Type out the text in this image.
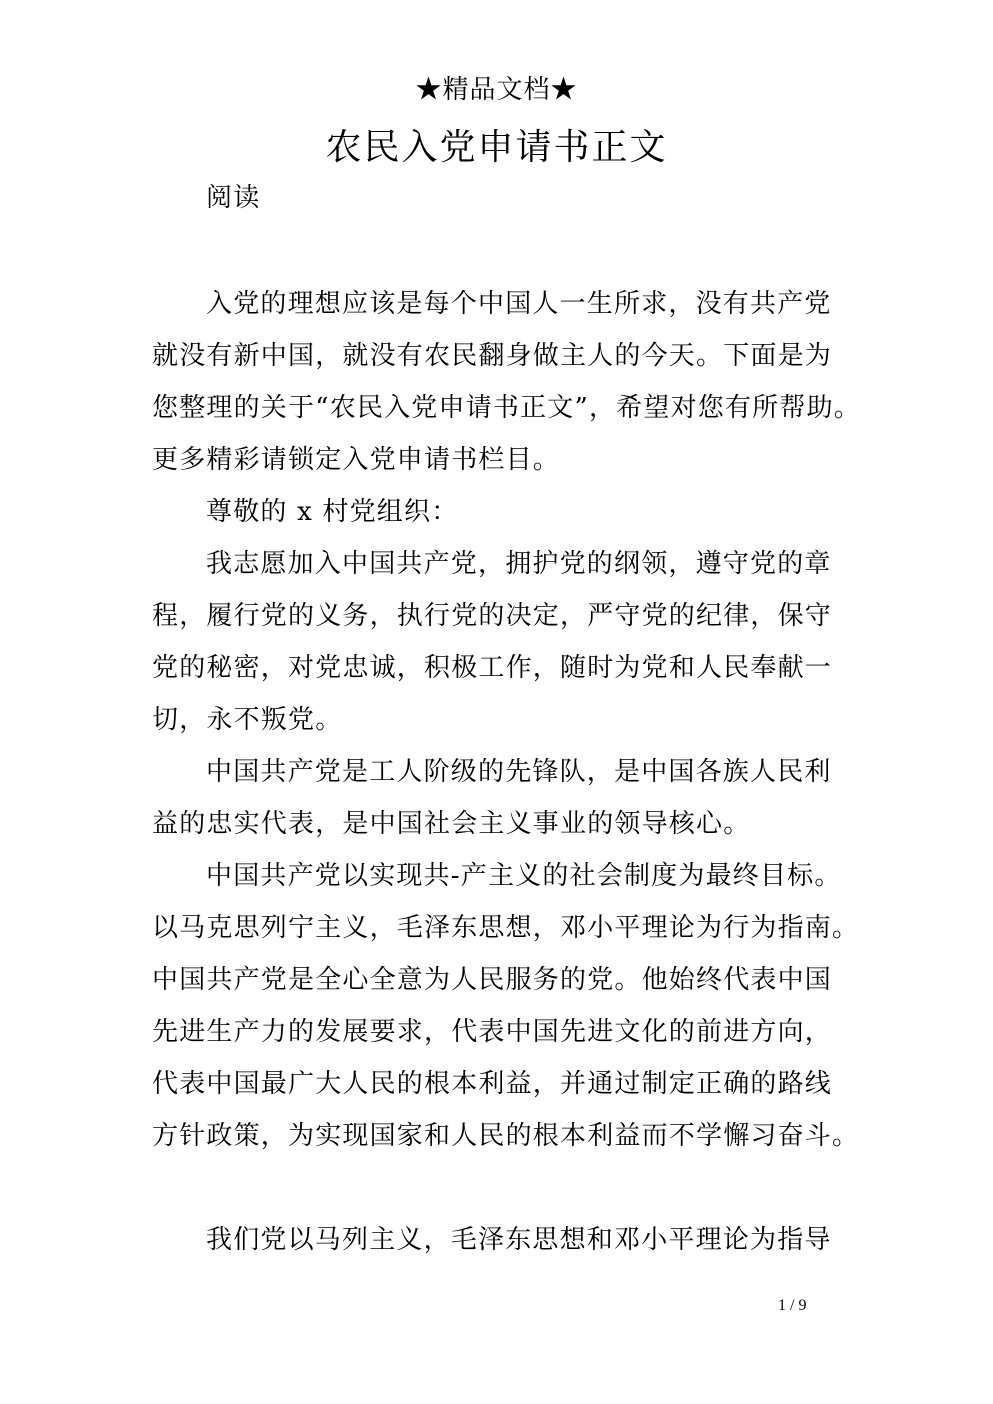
★精品文档★
农民入党申请书正文
阅读
入党的理想应该是每个中国人一生所求，没有共产党
就没有新中国，就没有农民翻身做主人的今天。下面是为
您整理的关于“农民入党申请书正文”，希望对您有所帮助。
更多精彩请锁定入党申请书栏目。
尊敬的 x 村党组织：
我志愿加入中国共产党，拥护党的纲领，遵守党的章
程，履行党的义务，执行党的决定，严守党的纪律，保守
党的秘密，对党忠诚，积极工作，随时为党和人民奉献一
切，永不叛党。
中国共产党是工人阶级的先锋队，是中国各族人民利
益的忠实代表，是中国社会主义事业的领导核心。
中国共产党以实现共-产主义的社会制度为最终目标。
以马克思列宁主义，毛泽东思想，邓小平理论为行为指南。
中国共产党是全心全意为人民服务的党。他始终代表中国
先进生产力的发展要求，代表中国先进文化的前进方向，
代表中国最广大人民的根本利益，并通过制定正确的路线
方针政策，为实现国家和人民的根本利益而不学懈习奋斗。
我们党以马列主义，毛泽东思想和邓小平理论为指导
1 / 9
